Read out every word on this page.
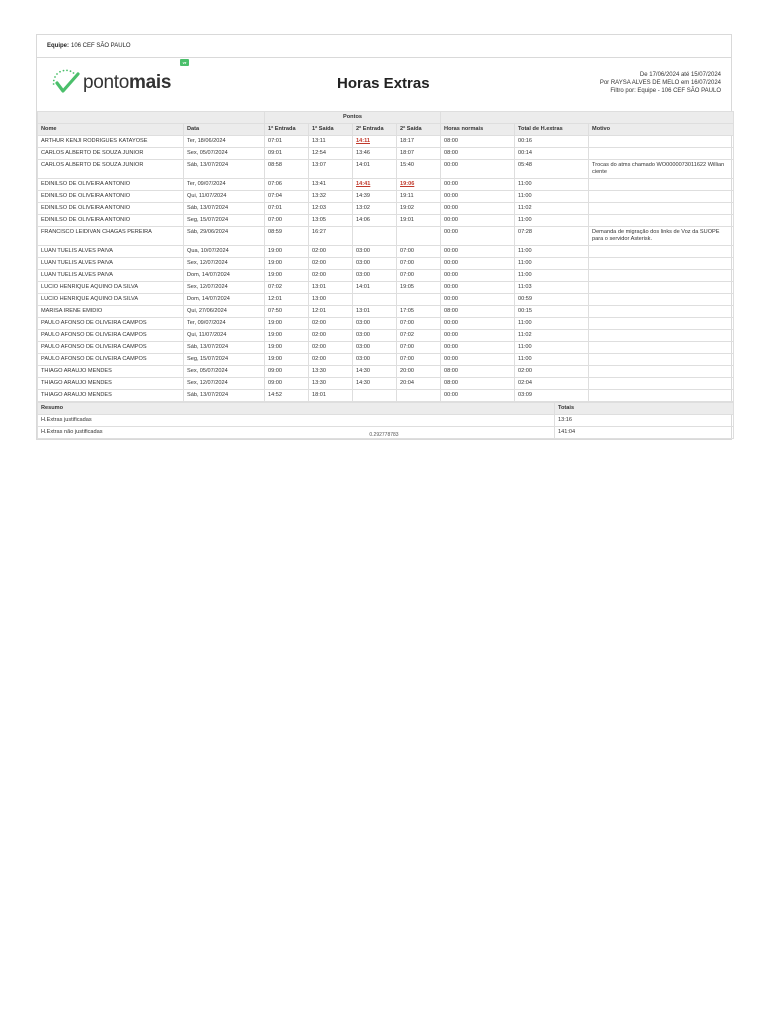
Equipe: 106 CEF SÃO PAULO
pontomais
vr
Horas Extras	De 17/06/2024 até 15/07/2024
Por RAYSA ALVES DE MELO em 16/07/2024
Filtro por: Equipe - 106 CEF SÃO PAULO
		Pontos						
Nome	Data	1ª Entrada	1ª Saída	2ª Entrada	2ª Saída	Horas normais	Total de H.extras	Motivo
ARTHUR KENJI RODRIGUES KATAYOSE	Ter, 18/06/2024	07:01	13:11	14:11	18:17	08:00	00:16	
CARLOS ALBERTO DE SOUZA JUNIOR	Sex, 05/07/2024	09:01	12:54	13:46	18:07	08:00	00:14	
CARLOS ALBERTO DE SOUZA JUNIOR	Sáb, 13/07/2024	08:58	13:07	14:01	15:40	00:00	05:48	Trocas do atms chamado WO0000073011622 Willian ciente
EDINILSO DE OLIVEIRA ANTONIO	Ter, 09/07/2024	07:06	13:41	14:41	19:06	00:00	11:00	
EDINILSO DE OLIVEIRA ANTONIO	Qui, 11/07/2024	07:04	13:32	14:39	19:11	00:00	11:00	
EDINILSO DE OLIVEIRA ANTONIO	Sáb, 13/07/2024	07:01	12:03	13:02	19:02	00:00	11:02	
EDINILSO DE OLIVEIRA ANTONIO	Seg, 15/07/2024	07:00	13:05	14:06	19:01	00:00	11:00	
FRANCISCO LEIDIVAN CHAGAS PEREIRA	Sáb, 29/06/2024	08:59	16:27			00:00	07:28	Demanda de migração dos links de Voz da SUOPE para o servidor Asterisk.
LUAN TUELIS ALVES PAIVA	Qua, 10/07/2024	19:00	02:00	03:00	07:00	00:00	11:00	
LUAN TUELIS ALVES PAIVA	Sex, 12/07/2024	19:00	02:00	03:00	07:00	00:00	11:00	
LUAN TUELIS ALVES PAIVA	Dom, 14/07/2024	19:00	02:00	03:00	07:00	00:00	11:00	
LUCIO HENRIQUE AQUINO DA SILVA	Sex, 12/07/2024	07:02	13:01	14:01	19:05	00:00	11:03	
LUCIO HENRIQUE AQUINO DA SILVA	Dom, 14/07/2024	12:01	13:00			00:00	00:59	
MARISA IRENE EMIDIO	Qui, 27/06/2024	07:50	12:01	13:01	17:05	08:00	00:15	
PAULO AFONSO DE OLIVEIRA CAMPOS	Ter, 09/07/2024	19:00	02:00	03:00	07:00	00:00	11:00	
PAULO AFONSO DE OLIVEIRA CAMPOS	Qui, 11/07/2024	19:00	02:00	03:00	07:02	00:00	11:02	
PAULO AFONSO DE OLIVEIRA CAMPOS	Sáb, 13/07/2024	19:00	02:00	03:00	07:00	00:00	11:00	
PAULO AFONSO DE OLIVEIRA CAMPOS	Seg, 15/07/2024	19:00	02:00	03:00	07:00	00:00	11:00	
THIAGO ARAUJO MENDES	Sex, 05/07/2024	09:00	13:30	14:30	20:00	08:00	02:00	
THIAGO ARAUJO MENDES	Sex, 12/07/2024	09:00	13:30	14:30	20:04	08:00	02:04	
THIAGO ARAUJO MENDES	Sáb, 13/07/2024	14:52	18:01			00:00	03:09	
Resumo	Totais
H.Extras justificadas	13:16
H.Extras não justificadas	141:04
0.292778783
